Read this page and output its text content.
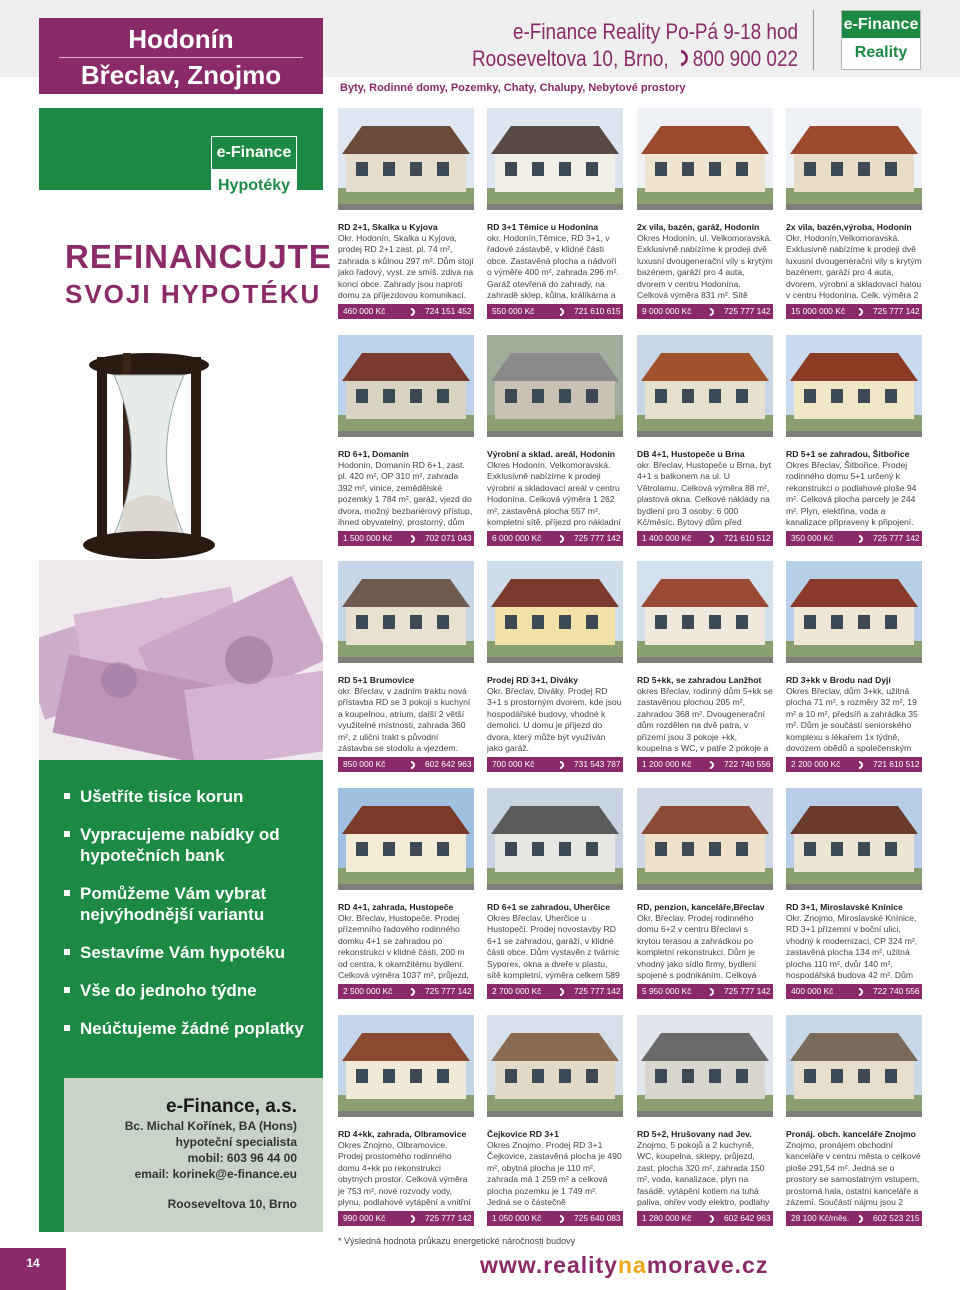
Hodonín
Břeclav, Znojmo
e-Finance Reality Po-Pá 9-18 hod
Rooseveltova 10, Brno, 800 900 022
Byty, Rodinné domy, Pozemky, Chaty, Chalupy, Nebytové prostory
e-Finance
Reality
e-Finance
Hypotéky
REFINANCUJTE
SVOJI HYPOTÉKU
Ušetříte tisíce korun
Vypracujeme nabídky od hypotečních bank
Pomůžeme Vám vybrat nejvýhodnější variantu
Sestavíme Vám hypotéku
Vše do jednoho týdne
Neúčtujeme žádné poplatky
e-Finance, a.s.
Bc. Michal Kořínek, BA (Hons)
hypoteční specialista
mobil: 603 96 44 00
email: korinek@e-finance.eu
Rooseveltova 10, Brno
RD 2+1, Skalka u Kyjova
Okr. Hodonín, Skalka u Kyjova, prodej RD 2+1 zast. pl. 74 m², zahrada s kůlnou 297 m². Dům stojí jako řadový, vyst. ze smíš. zdiva na konci obce. Zahrady jsou naproti domu za příjezdovou komunikací.
460 000 Kč	724 151 452
RD 3+1 Těmice u Hodonína
okr. Hodonín,Těmice, RD 3+1, v řadové zástavbě, v klidné části obce. Zastavěná plocha a nádvoří o výměře 400 m², zahrada 296 m². Garáž otevřená do zahrady, na zahradě sklep, kůlna, králíkárna a
550 000 Kč	721 610 615
2x vila, bazén, garáž, Hodonín
Okres Hodonín, ul. Velkomoravská. Exklusivně nabízíme k prodeji dvě luxusní dvougenerační vily s krytým bazénem, garáží pro 4 auta, dvorem v centru Hodonína. Celková výměra 831 m². Sítě
9 000 000 Kč	725 777 142
2x vila, bazén,výroba, Hodonín
Okr. Hodonín,Velkomoravská. Exklusivně nabízíme k prodeji dvě luxusní dvougenerační vily s krytým bazénem, garáží pro 4 auta, dvorem, výrobní a skladovací halou v centru Hodonína. Celk. výměra 2
15 000 000 Kč	725 777 142
RD 6+1, Domanín
Hodonín, Domanín RD 6+1, zast. pl. 420 m², OP 310 m², zahrada 392 m², vinice, zemědělské pozemky 1 784 m², garáž, vjezd do dvora, možný bezbariérový přístup, ihned obyvatelný, prostorný, dům
1 500 000 Kč	702 071 043
Výrobní a sklad. areál, Hodonín
Okres Hodonín, Velkomoravská. Exklusivně nabízíme k prodeji výrobní a skladovací areál v centru Hodonína. Celková výměra 1 262 m², zastavěná plocha 557 m², kompletní sítě, příjezd pro nákladní
6 000 000 Kč	725 777 142
DB 4+1, Hustopeče u Brna
okr. Břeclav, Hustopeče u Brna, byt 4+1 s balkonem na ul. U Větrolamu. Celková výměra 88 m², plastová okna. Celkové náklady na bydlení pro 3 osoby: 6 000 Kč/měsíc. Bytový dům před
1 400 000 Kč	721 610 512
RD 5+1 se zahradou, Šitbořice
Okres Břeclav, Šitbořice. Prodej rodinného domu 5+1 určený k rekonstrukci o podlahové ploše 94 m². Celková plocha parcely je 244 m². Plyn, elektřina, voda a kanalizace připraveny k připojení.
350 000 Kč	725 777 142
RD 5+1 Brumovice
okr. Břeclav, v zadním traktu nová přístavba RD se 3 pokoji s kuchyní a koupelnou, atrium, další 2 větší využitelné místnosti, zahrada 360 m², z uliční trakt s původní zástavba se stodolu a vjezdem.
850 000 Kč	602 642 963
Prodej RD 3+1, Diváky
Okr. Břeclav, Diváky. Prodej RD 3+1 s prostorným dvorem, kde jsou hospodářské budovy, vhodné k demolici. U domu je přijezd do dvora, který může být využíván jako garáž.
700 000 Kč	731 543 787
RD 5+kk, se zahradou Lanžhot
okres Břeclav, rodinný dům 5+kk se zastavěnou plochou 205 m², zahradou 368 m². Dvougenerační dům rozdělen na dvě patra, v přízemí jsou 3 pokoje +kk, koupelna s WC, v patře 2 pokoje a
1 200 000 Kč	722 740 556
RD 3+kk v Brodu nad Dyjí
Okres Břeclav, dům 3+kk, užitná plocha 71 m², s rozměry 32 m², 19 m² a 10 m², předsíň a zahrádka 35 m². Dům je součástí seniorského komplexu s lékařem 1x týdně, dovozem obědů a společenským
2 200 000 Kč	721 610 512
RD 4+1, zahrada, Hustopeče
Okr. Břeclav, Hustopeče. Prodej přízemního řadového rodinného domku 4+1 se zahradou po rekonstrukci v klidné části, 200 m od centra, k okamžitému bydlení. Celková výměra 1037 m², průjezd,
2 500 000 Kč	725 777 142
RD 6+1 se zahradou, Uherčice
Okres Břeclav, Uherčice u Hustopečí. Prodej novostavby RD 6+1 se zahradou, garáží, v klidné části obce. Dům vystavěn z tvárnic Syporex, okna a dveře v plastu, sítě kompletní, výměra celkem 589
2 700 000 Kč	725 777 142
RD, penzion, kanceláře,Břeclav
Okr. Břeclav. Prodej rodinného domu 6+2 v centru Břeclavi s krytou terasou a zahrádkou po kompletní rekonstrukci. Dům je vhodný jako sídlo firmy, bydlení spojené s podnikáním. Celková
5 950 000 Kč	725 777 142
RD 3+1, Miroslavské Knínice
Okr. Znojmo, Miroslavské Knínice, RD 3+1 přízemní v boční ulici, vhodný k modernizaci, CP 324 m², zastavěná plocha 134 m², užitná plocha 110 m², dvůr 140 m², hospodářská budova 42 m². Dům
400 000 Kč	722 740 556
RD 4+kk, zahrada, Olbramovice
Okres Znojmo, Olbramovice. Prodej prostorného rodinného domu 4+kk po rekonstrukci obytných prostor. Celková výměra je 753 m², nové rozvody vody, plynu, podlahové vytápění a vnitřní
990 000 Kč	725 777 142
Čejkovice RD 3+1
Okres Znojmo. Prodej RD 3+1 Čejkovice, zastavěná plocha je 490 m², obytná plocha je 110 m², zahrada má 1 259 m² a celková plocha pozemku je 1 749 m². Jedná se o částečně
1 050 000 Kč	725 640 083
RD 5+2, Hrušovany nad Jev.
Znojmo, 5 pokojů a 2 kuchyně, WC, koupelna, sklepy, průjezd, zast. plocha 320 m², zahrada 150 m², voda, kanalizace, plyn na fasádě, vytápění kotlem na tuhá paliva, ohřev vody elektro, podlahy
1 280 000 Kč	602 642 963
Pronáj. obch. kanceláře Znojmo
Znojmo, pronájem obchodní kanceláře v centru města o celkové ploše 291,54 m². Jedná se o prostory se samostatným vstupem, prostorná hala, ostatní kanceláře a zázemí. Součástí nájmu jsou 2
28 100 Kč/měs.	602 523 215
* Výsledná hodnota průkazu energetické náročnosti budovy
14	www.realitynamorave.cz
